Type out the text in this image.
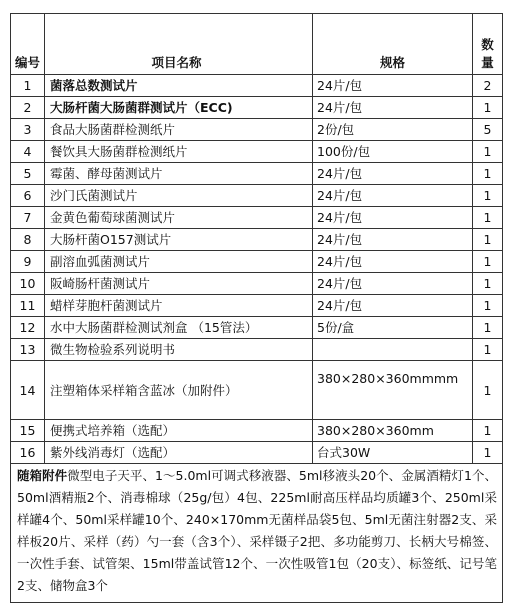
编号	项目名称	规格	数量
1	菌落总数测试片	24片/包	2
2	大肠杆菌大肠菌群测试片（ECC)	24片/包	1
3	食品大肠菌群检测纸片	2份/包	5
4	餐饮具大肠菌群检测纸片	100份/包	1
5	霉菌、酵母菌测试片	24片/包	1
6	沙门氏菌测试片	24片/包	1
7	金黄色葡萄球菌测试片	24片/包	1
8	大肠杆菌O157测试片	24片/包	1
9	副溶血弧菌测试片	24片/包	1
10	阪崎肠杆菌测试片	24片/包	1
11	蜡样芽胞杆菌测试片	24片/包	1
12	水中大肠菌群检测试剂盒 （15管法）	5份/盒	1
13	微生物检验系列说明书		1
14	注塑箱体采样箱含蓝冰（加附件）	380×280×360mmmm	1
15	便携式培养箱（选配）	380×280×360mm	1
16	紫外线消毒灯（选配）	台式30W	1
随箱附件微型电子天平、1～5.0ml可调式移液器、5ml移液头20个、金属酒精灯1个、50ml酒精瓶2个、消毒棉球（25g/包）4包、225ml耐高压样品均质罐3个、250ml采样罐4个、50ml采样罐10个、240×170mm无菌样品袋5包、5ml无菌注射器2支、采样板20片、采样（药）勺一套（含3个）、采样镊子2把、多功能剪刀、长柄大号棉签、一次性手套、试管架、15ml带盖试管12个、一次性吸管1包（20支）、标签纸、记号笔2支、储物盒3个			
